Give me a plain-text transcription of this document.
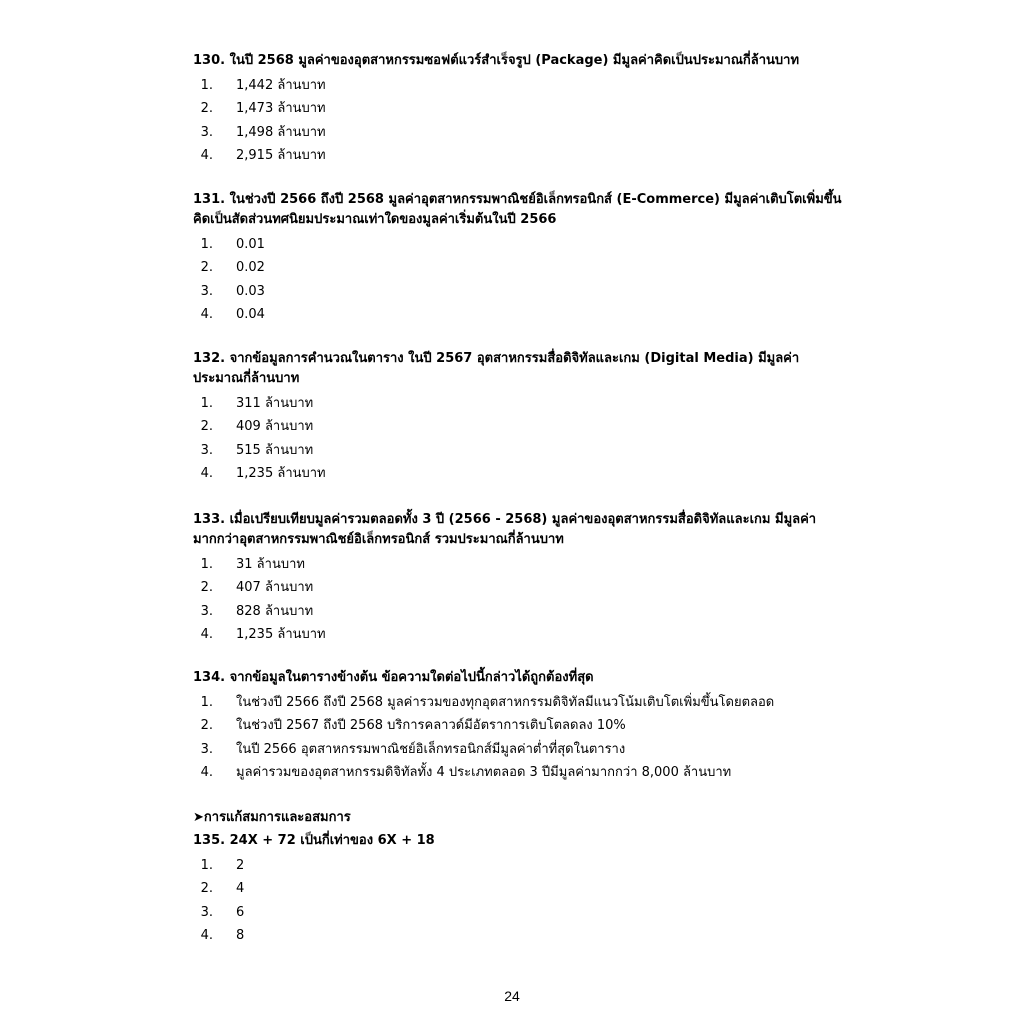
130. ในปี 2568 มูลค่าของอุตสาหกรรมซอฟต์แวร์สำเร็จรูป (Package) มีมูลค่าคิดเป็นประมาณกี่ล้านบาท

1. 1,442 ล้านบาท
2. 1,473 ล้านบาท
3. 1,498 ล้านบาท
4. 2,915 ล้านบาท

131. ในช่วงปี 2566 ถึงปี 2568 มูลค่าอุตสาหกรรมพาณิชย์อิเล็กทรอนิกส์ (E-Commerce) มีมูลค่าเติบโตเพิ่มขึ้นคิดเป็นสัดส่วนทศนิยมประมาณเท่าใดของมูลค่าเริ่มต้นในปี 2566

1. 0.01
2. 0.02
3. 0.03
4. 0.04

132. จากข้อมูลการคำนวณในตาราง ในปี 2567 อุตสาหกรรมสื่อดิจิทัลและเกม (Digital Media) มีมูลค่าประมาณกี่ล้านบาท

1. 311 ล้านบาท
2. 409 ล้านบาท
3. 515 ล้านบาท
4. 1,235 ล้านบาท

133. เมื่อเปรียบเทียบมูลค่ารวมตลอดทั้ง 3 ปี (2566 - 2568) มูลค่าของอุตสาหกรรมสื่อดิจิทัลและเกม มีมูลค่ามากกว่าอุตสาหกรรมพาณิชย์อิเล็กทรอนิกส์ รวมประมาณกี่ล้านบาท

1. 31 ล้านบาท
2. 407 ล้านบาท
3. 828 ล้านบาท
4. 1,235 ล้านบาท

134. จากข้อมูลในตารางข้างต้น ข้อความใดต่อไปนี้กล่าวได้ถูกต้องที่สุด

1. ในช่วงปี 2566 ถึงปี 2568 มูลค่ารวมของทุกอุตสาหกรรมดิจิทัลมีแนวโน้มเติบโตเพิ่มขึ้นโดยตลอด
2. ในช่วงปี 2567 ถึงปี 2568 บริการคลาวด์มีอัตราการเติบโตลดลง 10%
3. ในปี 2566 อุตสาหกรรมพาณิชย์อิเล็กทรอนิกส์มีมูลค่าต่ำที่สุดในตาราง
4. มูลค่ารวมของอุตสาหกรรมดิจิทัลทั้ง 4 ประเภทตลอด 3 ปีมีมูลค่ามากกว่า 8,000 ล้านบาท

➤การแก้สมการและอสมการ

135. 24X + 72 เป็นกี่เท่าของ 6X + 18

1. 2
2. 4
3. 6
4. 8
24
